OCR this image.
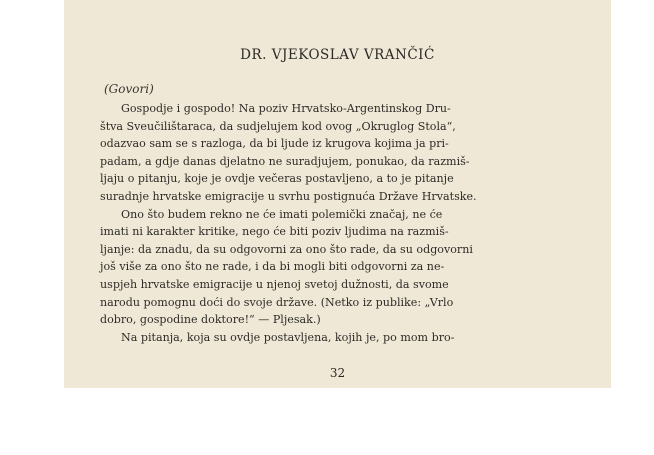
DR. VJEKOSLAV VRANČIĆ
(Govori)
Gospodje i gospodo! Na poziv Hrvatsko-Argentinskog Dru-
štva Sveučilištaraca, da sudjelujem kod ovog „Okruglog Stola“,
odazvao sam se s razloga, da bi ljude iz krugova kojima ja pri-
padam, a gdje danas djelatno ne suradjujem, ponukao, da razmiš-
ljaju o pitanju, koje je ovdje večeras postavljeno, a to je pitanje
suradnje hrvatske emigracije u svrhu postignuća Države Hrvatske.
Ono što budem rekno ne će imati polemički značaj, ne će
imati ni karakter kritike, nego će biti poziv ljudima na razmiš-
ljanje: da znadu, da su odgovorni za ono što rade, da su odgovorni
još više za ono što ne rade, i da bi mogli biti odgovorni za ne-
uspjeh hrvatske emigracije u njenoj svetoj dužnosti, da svome
narodu pomognu doći do svoje države. (Netko iz publike: „Vrlo
dobro, gospodine doktore!“ — Pljesak.)
Na pitanja, koja su ovdje postavljena, kojih je, po mom bro-
32
